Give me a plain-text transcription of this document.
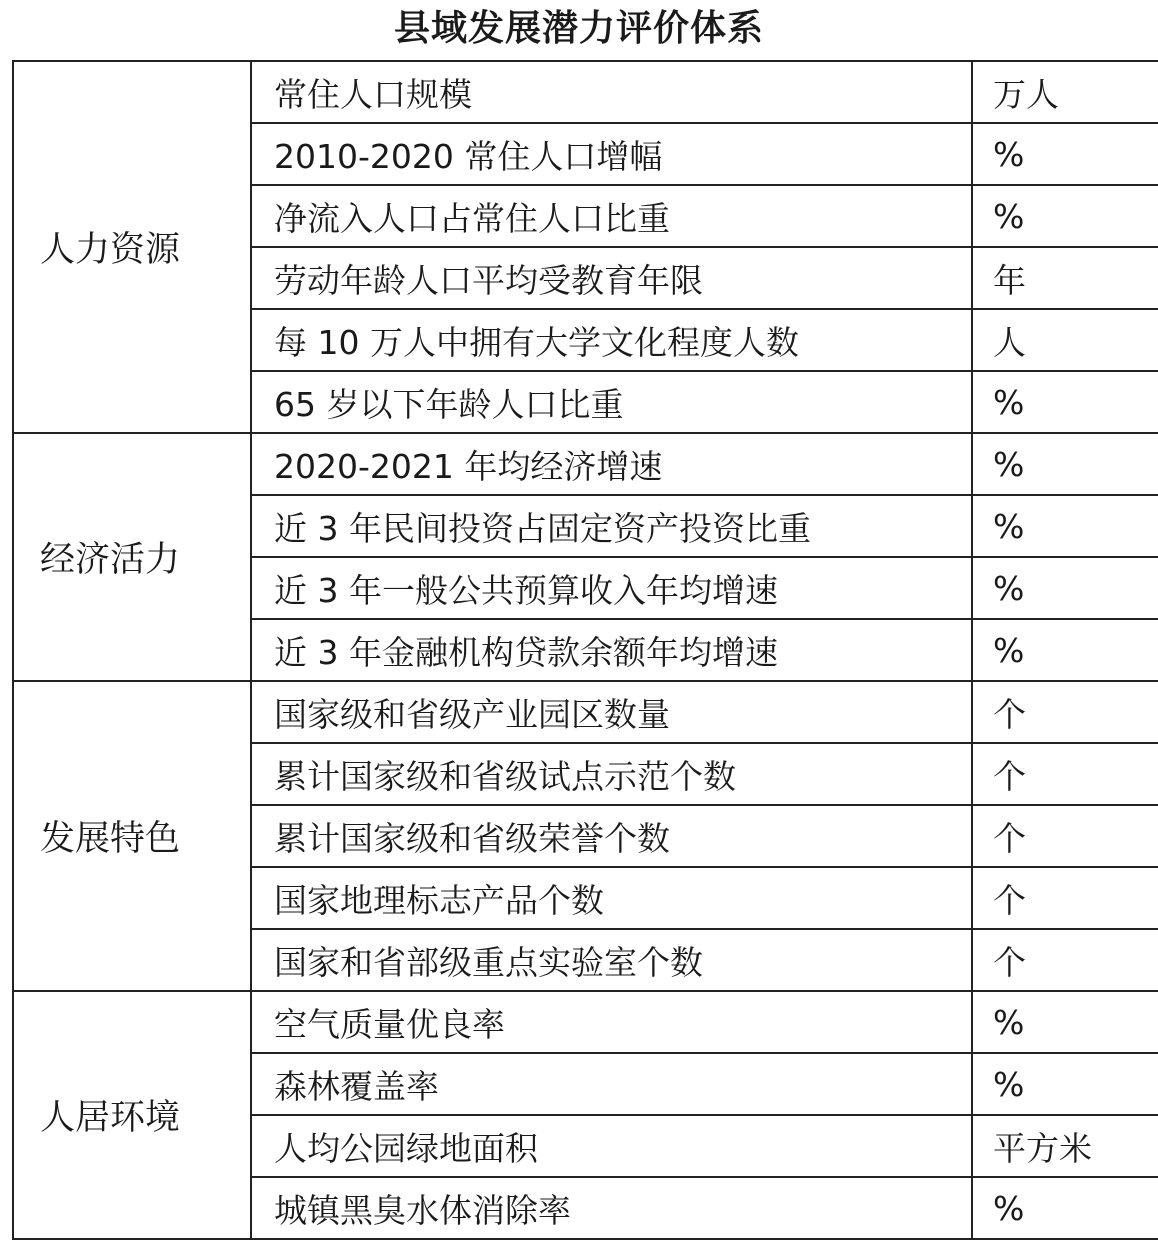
县域发展潜力评价体系
人力资源	常住人口规模	万人
	2010-2020 常住人口增幅	%
	净流入人口占常住人口比重	%
	劳动年龄人口平均受教育年限	年
	每 10 万人中拥有大学文化程度人数	人
	65 岁以下年龄人口比重	%
经济活力	2020-2021 年均经济增速	%
	近 3 年民间投资占固定资产投资比重	%
	近 3 年一般公共预算收入年均增速	%
	近 3 年金融机构贷款余额年均增速	%
发展特色	国家级和省级产业园区数量	个
	累计国家级和省级试点示范个数	个
	累计国家级和省级荣誉个数	个
	国家地理标志产品个数	个
	国家和省部级重点实验室个数	个
人居环境	空气质量优良率	%
	森林覆盖率	%
	人均公园绿地面积	平方米
	城镇黑臭水体消除率	%
